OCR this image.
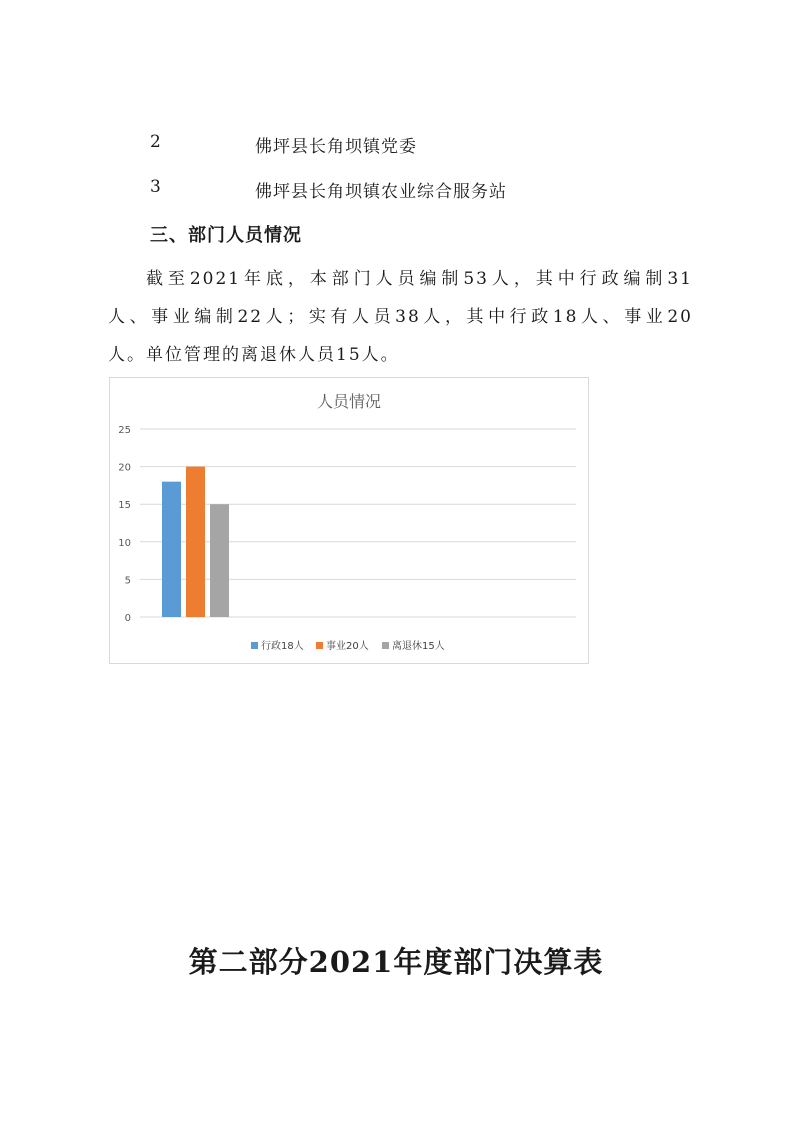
2	佛坪县长角坝镇党委
3	佛坪县长角坝镇农业综合服务站
三、部门人员情况
截至2021年底，本部门人员编制53人，其中行政编制31
人、事业编制22人；实有人员38人，其中行政18人、事业20
人。单位管理的离退休人员15人。
人员情况
0
5
10
15
20
25
行政18人 事业20人 离退休15人
第二部分2021年度部门决算表
